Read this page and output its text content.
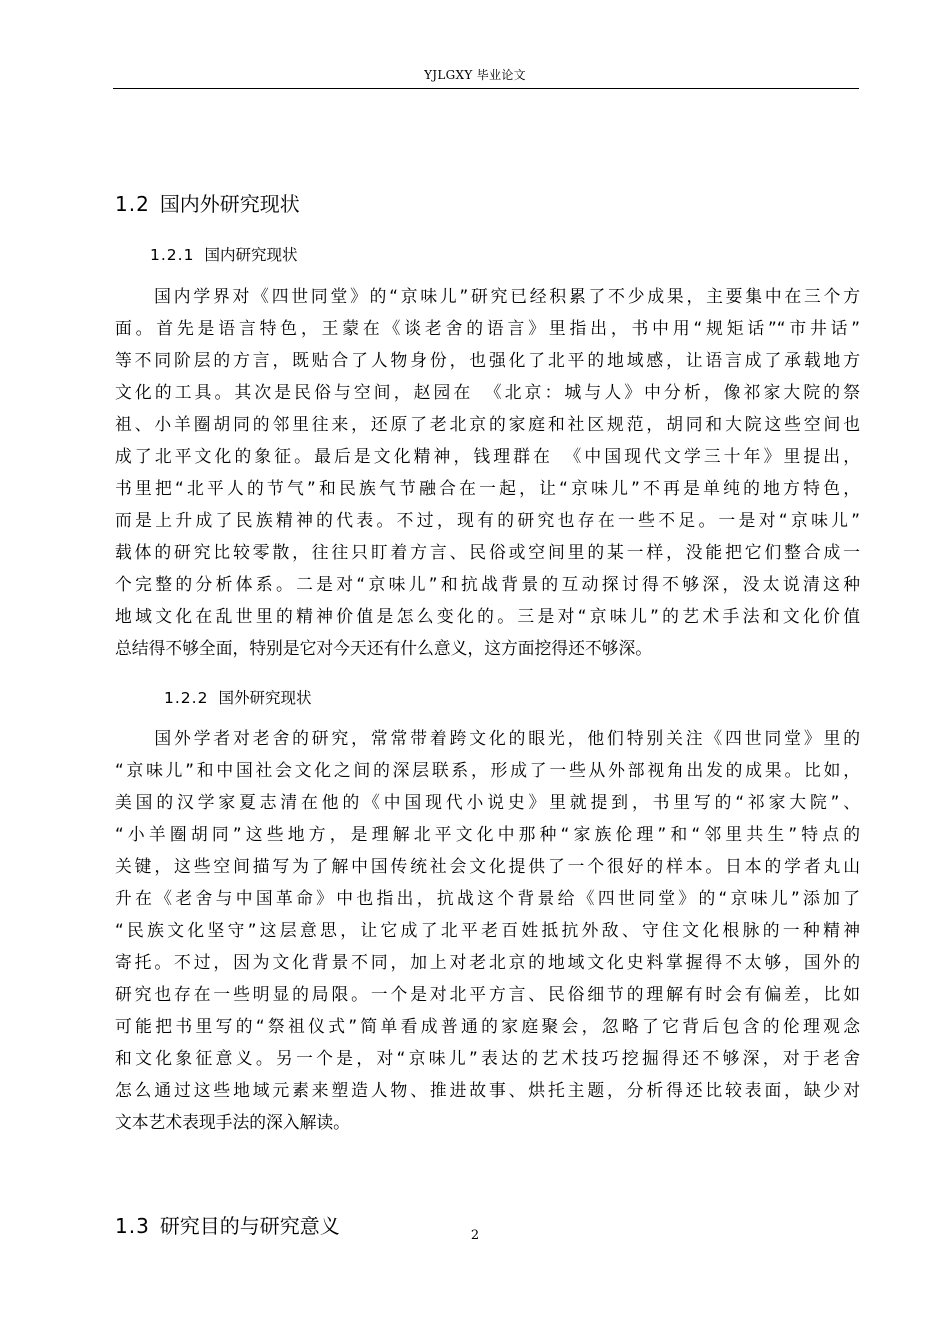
YJLGXY 毕业论文
1.2 国内外研究现状
1.2.1 国内研究现状
　　国内学界对《四世同堂》的“京味儿”研究已经积累了不少成果，主要集中在三个方
面。首先是语言特色，王蒙在《谈老舍的语言》里指出，书中用“规矩话”“市井话”
等不同阶层的方言，既贴合了人物身份，也强化了北平的地域感，让语言成了承载地方
文化的工具。其次是民俗与空间，赵园在　《北京：城与人》中分析，像祁家大院的祭
祖、小羊圈胡同的邻里往来，还原了老北京的家庭和社区规范，胡同和大院这些空间也
成了北平文化的象征。最后是文化精神，钱理群在　《中国现代文学三十年》里提出，
书里把“北平人的节气”和民族气节融合在一起，让“京味儿”不再是单纯的地方特色，
而是上升成了民族精神的代表。不过，现有的研究也存在一些不足。一是对“京味儿”
载体的研究比较零散，往往只盯着方言、民俗或空间里的某一样，没能把它们整合成一
个完整的分析体系。二是对“京味儿”和抗战背景的互动探讨得不够深，没太说清这种
地域文化在乱世里的精神价值是怎么变化的。三是对“京味儿”的艺术手法和文化价值
总结得不够全面，特别是它对今天还有什么意义，这方面挖得还不够深。
1.2.2 国外研究现状
　　国外学者对老舍的研究，常常带着跨文化的眼光，他们特别关注《四世同堂》里的
“京味儿”和中国社会文化之间的深层联系，形成了一些从外部视角出发的成果。比如，
美国的汉学家夏志清在他的《中国现代小说史》里就提到，书里写的“祁家大院”、
“小羊圈胡同”这些地方，是理解北平文化中那种“家族伦理”和“邻里共生”特点的
关键，这些空间描写为了解中国传统社会文化提供了一个很好的样本。日本的学者丸山
升在《老舍与中国革命》中也指出，抗战这个背景给《四世同堂》的“京味儿”添加了
“民族文化坚守”这层意思，让它成了北平老百姓抵抗外敌、守住文化根脉的一种精神
寄托。不过，因为文化背景不同，加上对老北京的地域文化史料掌握得不太够，国外的
研究也存在一些明显的局限。一个是对北平方言、民俗细节的理解有时会有偏差，比如
可能把书里写的“祭祖仪式”简单看成普通的家庭聚会，忽略了它背后包含的伦理观念
和文化象征意义。另一个是，对“京味儿”表达的艺术技巧挖掘得还不够深，对于老舍
怎么通过这些地域元素来塑造人物、推进故事、烘托主题，分析得还比较表面，缺少对
文本艺术表现手法的深入解读。
1.3 研究目的与研究意义	2
